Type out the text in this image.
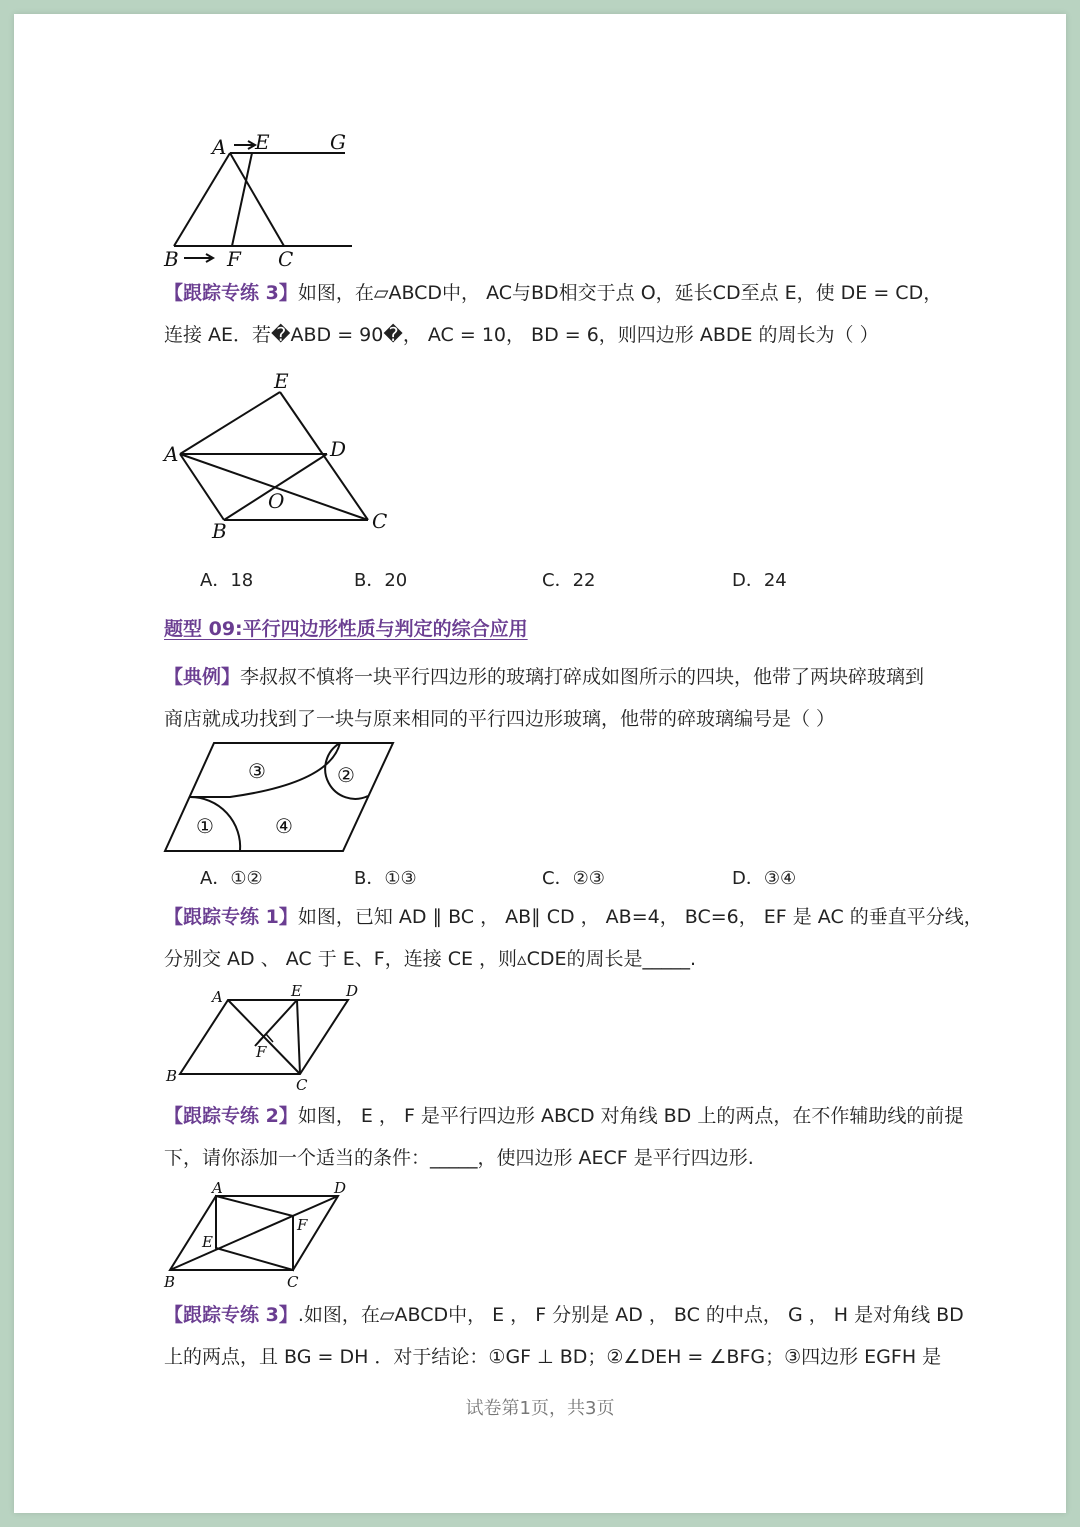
A E	G
B F C
【跟踪专练 3】如图，在▱ABCD中， AC与BD相交于点 O，延长CD至点 E，使 DE = CD，
连接 AE．若�ABD = 90�， AC = 10， BD = 6，则四边形 ABDE 的周长为（ ）
E
A	D
O
B	C
A．18	B．20	C．22	D．24
题型 09:平行四边形性质与判定的综合应用
【典例】李叔叔不慎将一块平行四边形的玻璃打碎成如图所示的四块，他带了两块碎玻璃到
商店就成功找到了一块与原来相同的平行四边形玻璃，他带的碎玻璃编号是（ ）
③	②
①	④
A．①②	B．①③	C．②③	D．③④
【跟踪专练 1】如图，已知 AD ∥ BC ， AB∥ CD ， AB=4， BC=6， EF 是 AC 的垂直平分线，
分别交 AD 、 AC 于 E、F，连接 CE ，则▵CDE的周长是_____.
A	E	D
F
B	C
【跟踪专练 2】如图， E ， F 是平行四边形 ABCD 对角线 BD 上的两点，在不作辅助线的前提
下，请你添加一个适当的条件：_____，使四边形 AECF 是平行四边形.
A	D
F
E
B	C
【跟踪专练 3】.如图，在▱ABCD中， E ， F 分别是 AD ， BC 的中点， G ， H 是对角线 BD
上的两点，且 BG = DH ．对于结论：①GF ⊥ BD；②∠DEH = ∠BFG；③四边形 EGFH 是
试卷第1页，共3页
